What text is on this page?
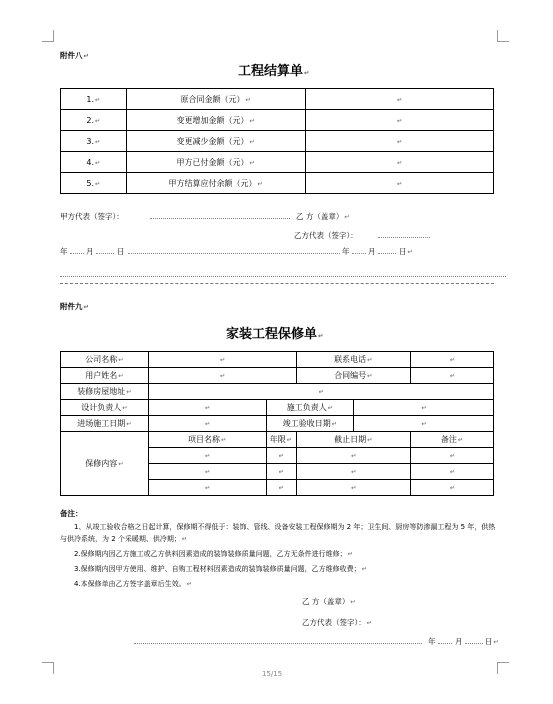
附件八↵
工程结算单↵
1.↵	原合同金额（元）↵	↵
2.↵	变更增加金额（元）↵	↵
3.↵	变更减少金额（元）↵	↵
4.↵	甲方已付金额（元）↵	↵
5.↵	甲方结算应付余额（元）↵	↵
甲方代表（签字）：	乙 方（盖章）↵
乙方代表（签字）：
年 月	日	年 月	日↵
附件九↵
家装工程保修单↵
公司名称↵	↵		联系电话↵		↵
用户姓名↵	↵		合同编号↵		↵
装修房屋地址↵	↵				
设计负责人↵	↵	施工负责人↵		↵	
进场施工日期↵	↵	竣工验收日期↵		↵	
保修内容↵	项目名称↵	年限↵	截止日期↵		备注↵
	↵	↵	↵		↵
	↵	↵	↵		↵
	↵	↵	↵		↵
备注：
1、从竣工验收合格之日起计算，保修期不得低于：装饰、管线、设备安装工程保修期为 2 年；卫生间、厨房等防渗漏工程为 5 年，供热与供冷系统，为 2 个采暖期、供冷期；↵
2.保修期内因乙方施工或乙方供料因素造成的装饰装修质量问题，乙方无条件进行维修；↵
3.保修期内因甲方使用、维护、自购工程材料因素造成的装饰装修质量问题，乙方维修收费；↵
4.本保修单由乙方签字盖章后生效。↵
乙 方（盖章）↵
乙方代表（签字）：↵
年	月	日↵
15/15
